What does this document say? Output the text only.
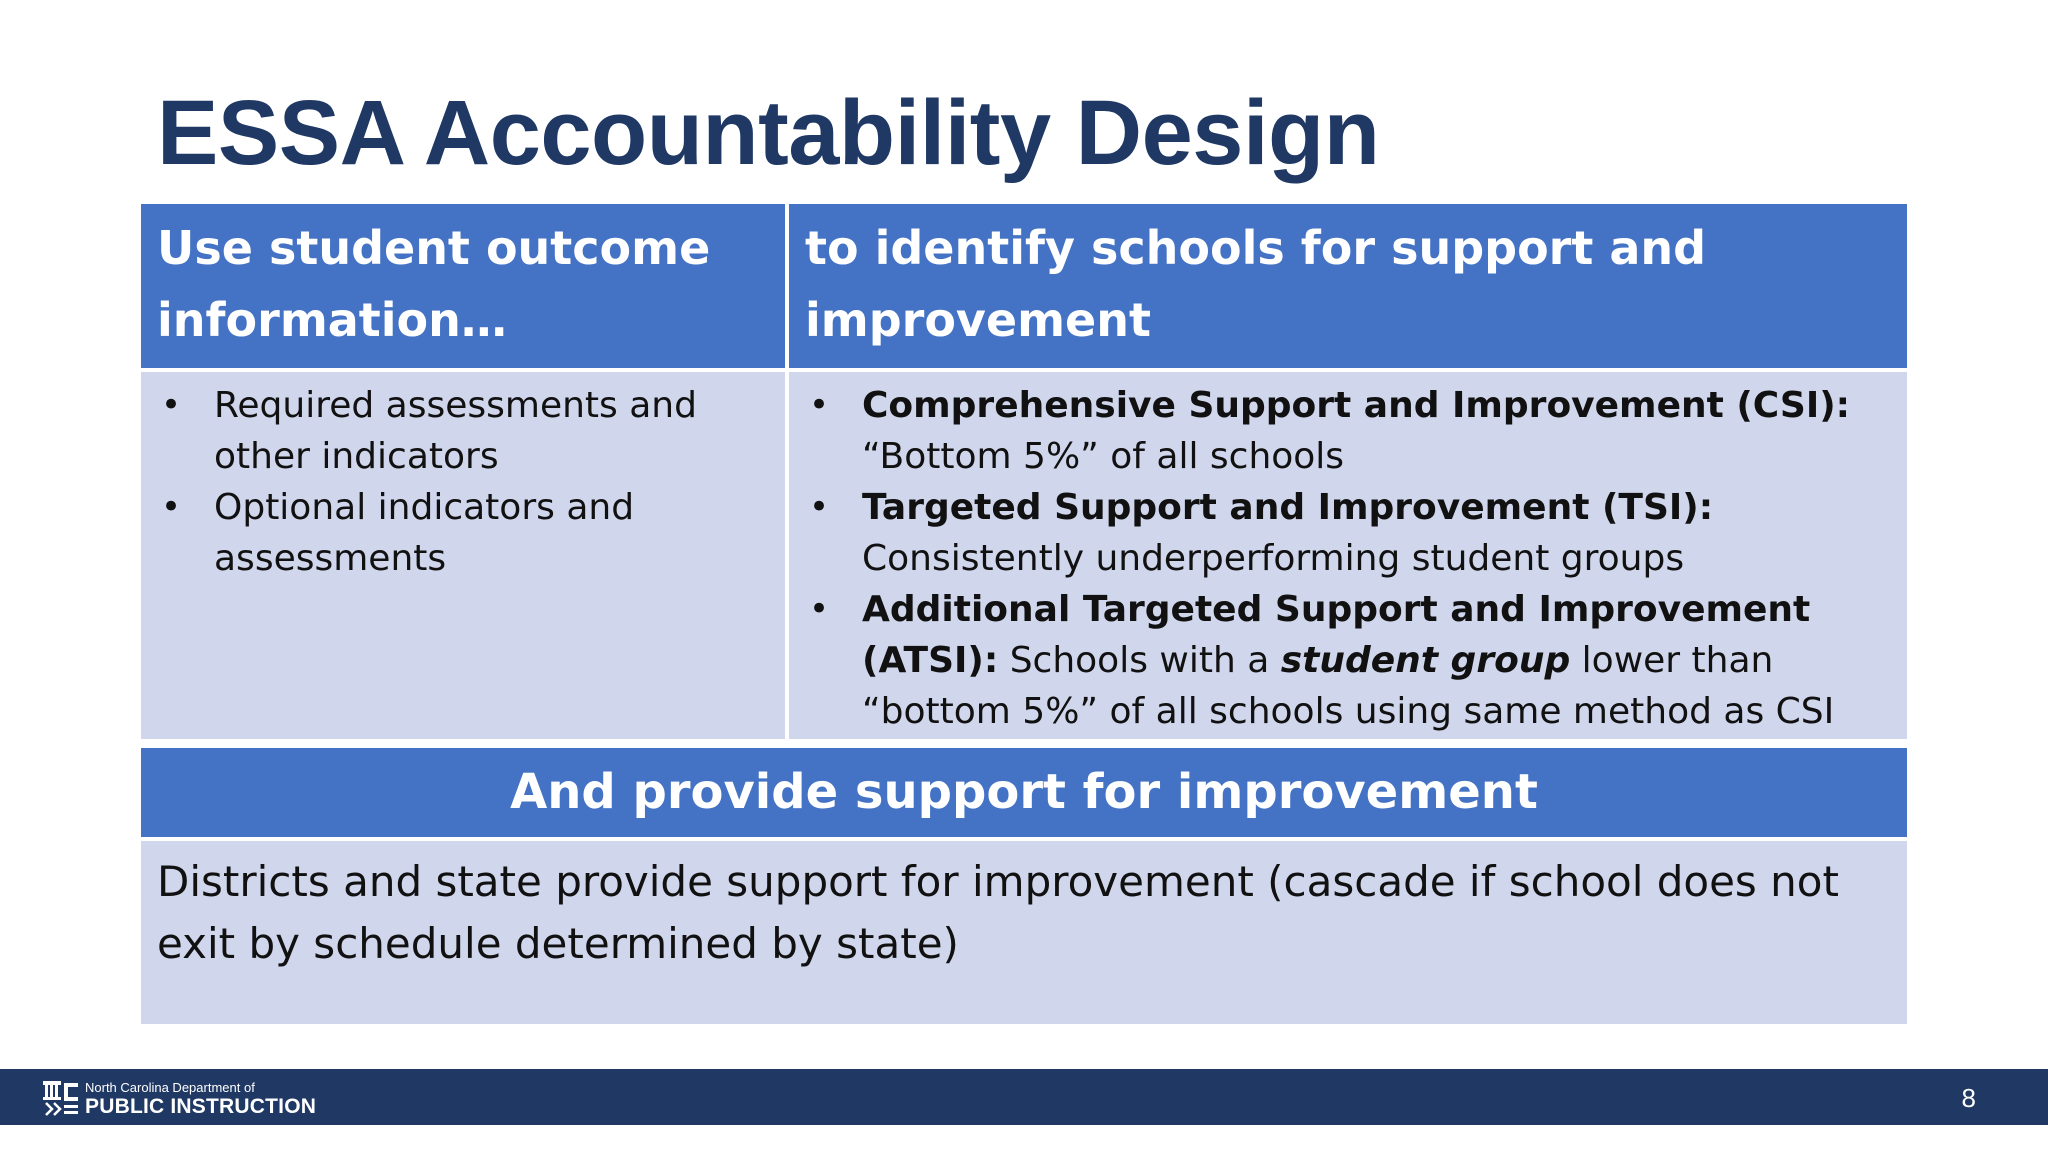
ESSA Accountability Design
Use student outcome information…
to identify schools for support and improvement
• Required assessments and other indicators
• Optional indicators and assessments
• Comprehensive Support and Improvement (CSI): “Bottom 5%” of all schools
• Targeted Support and Improvement (TSI): Consistently underperforming student groups
• Additional Targeted Support and Improvement (ATSI): Schools with a student group lower than “bottom 5%” of all schools using same method as CSI
And provide support for improvement
Districts and state provide support for improvement (cascade if school does not exit by schedule determined by state)
North Carolina Department of
PUBLIC INSTRUCTION	8
